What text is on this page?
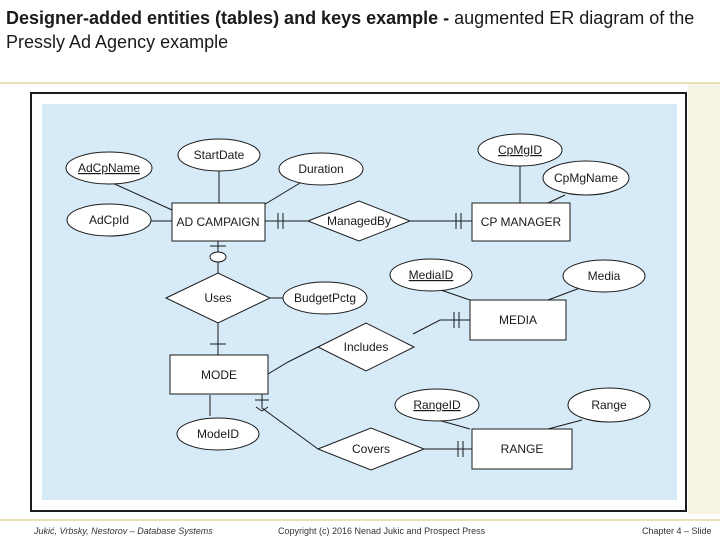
Designer-added entities (tables) and keys example - augmented ER diagram of the Pressly Ad Agency example
AD CAMPAIGN	CP MANAGER
MEDIA
MODE
RANGE
ManagedBy
Uses
Includes
Covers
StartDate
AdCpName	Duration
AdCpId
CpMgID
CpMgName
MediaID	Media
BudgetPctg
RangeID	Range
ModeID
Jukić, Vrbsky, Nestorov – Database Systems	Copyright (c) 2016 Nenad Jukic and Prospect Press	Chapter 4 – Slide
